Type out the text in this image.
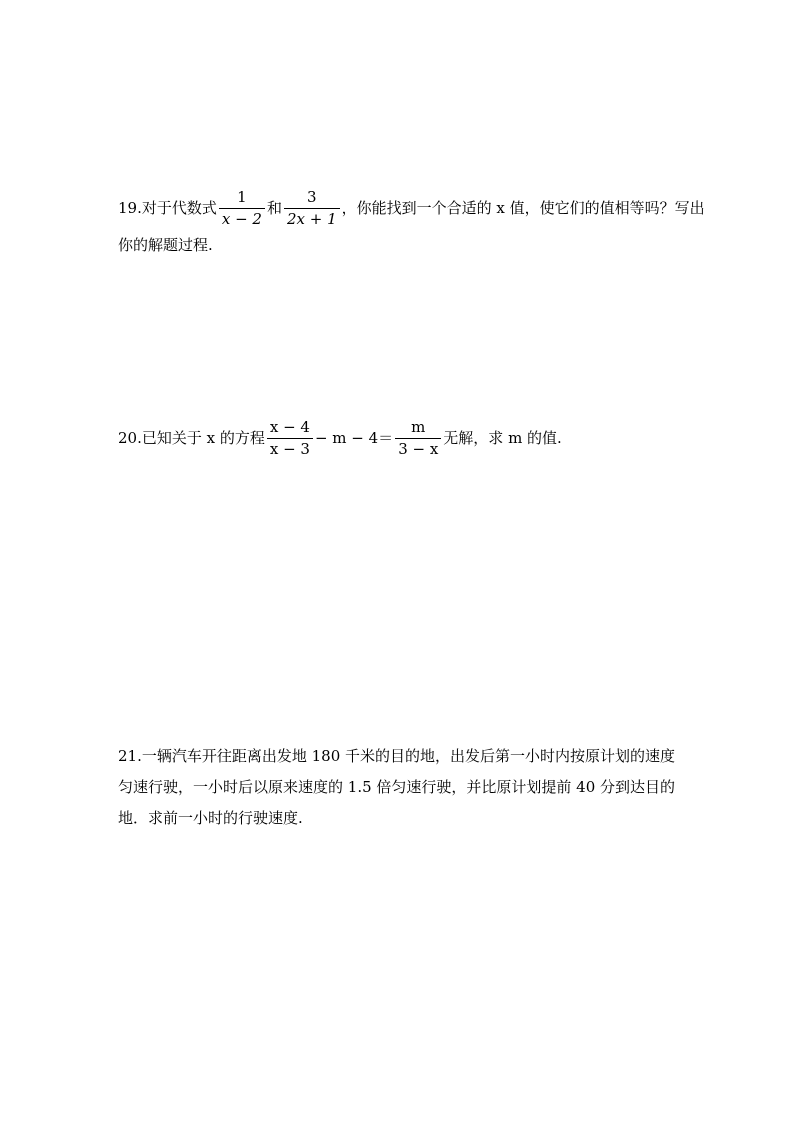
19.对于代数式 $\frac{1}{x - 2}$ 和 $\frac{3}{2x + 1}$ ，你能找到一个合适的 x 值，使它们的值相等吗？写出
你的解题过程.
20.已知关于 x 的方程 $\frac{x - 4}{x - 3} - m - 4= \frac{m}{3 - x}$ 无解，求 m 的值.
21.一辆汽车开往距离出发地 180 千米的目的地，出发后第一小时内按原计划的速度
匀速行驶，一小时后以原来速度的 1.5 倍匀速行驶，并比原计划提前 40 分到达目的
地．求前一小时的行驶速度.
